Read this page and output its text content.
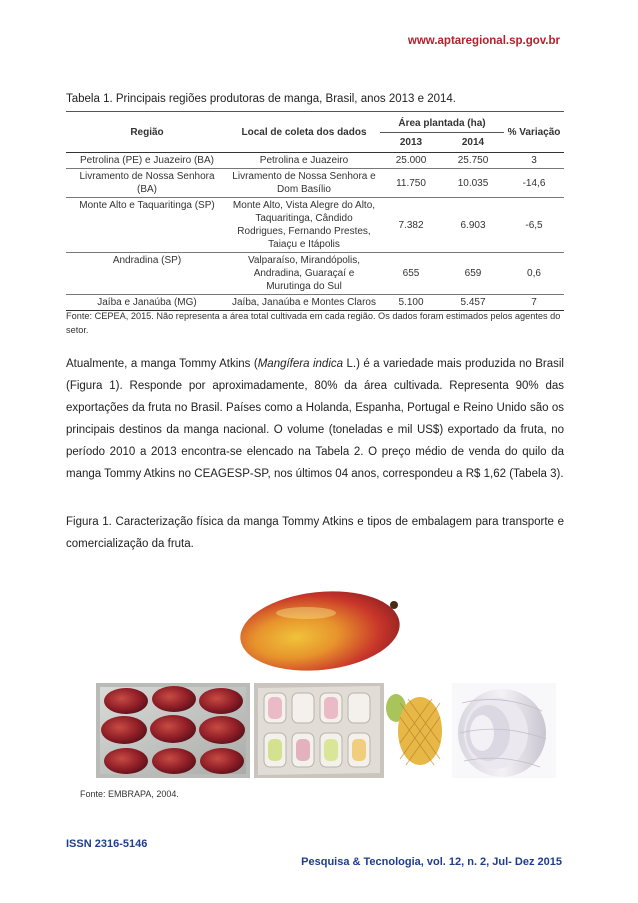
www.aptaregional.sp.gov.br
Tabela 1. Principais regiões produtoras de manga, Brasil, anos 2013 e 2014.
Região	Local de coleta dos dados	Área plantada (ha)		% Variação
		2013	2014	
Petrolina (PE) e Juazeiro (BA)	Petrolina e Juazeiro	25.000	25.750	3
Livramento de Nossa Senhora (BA)	Livramento de Nossa Senhora e Dom Basílio	11.750	10.035	-14,6
Monte Alto e Taquaritinga (SP)	Monte Alto, Vista Alegre do Alto, Taquaritinga, Cândido Rodrigues, Fernando Prestes, Taiaçu e Itápolis	7.382	6.903	-6,5
Andradina (SP)	Valparaíso, Mirandópolis, Andradina, Guaraçaí e Murutinga do Sul	655	659	0,6
Jaíba e Janaúba (MG)	Jaíba, Janaúba e Montes Claros	5.100	5.457	7
Fonte: CEPEA, 2015. Não representa a área total cultivada em cada região. Os dados foram estimados pelos agentes do setor.
Atualmente, a manga Tommy Atkins (Mangífera indica L.) é a variedade mais produzida no Brasil (Figura 1). Responde por aproximadamente, 80% da área cultivada. Representa 90% das exportações da fruta no Brasil. Países como a Holanda, Espanha, Portugal e Reino Unido são os principais destinos da manga nacional. O volume (toneladas e mil US$) exportado da fruta, no período 2010 a 2013 encontra-se elencado na Tabela 2. O preço médio de venda do quilo da manga Tommy Atkins no CEAGESP-SP, nos últimos 04 anos, correspondeu a R$ 1,62 (Tabela 3).
Figura 1. Caracterização física da manga Tommy Atkins e tipos de embalagem para transporte e comercialização da fruta.
Fonte: EMBRAPA, 2004.
ISSN 2316-5146
Pesquisa & Tecnologia, vol. 12, n. 2, Jul- Dez 2015
